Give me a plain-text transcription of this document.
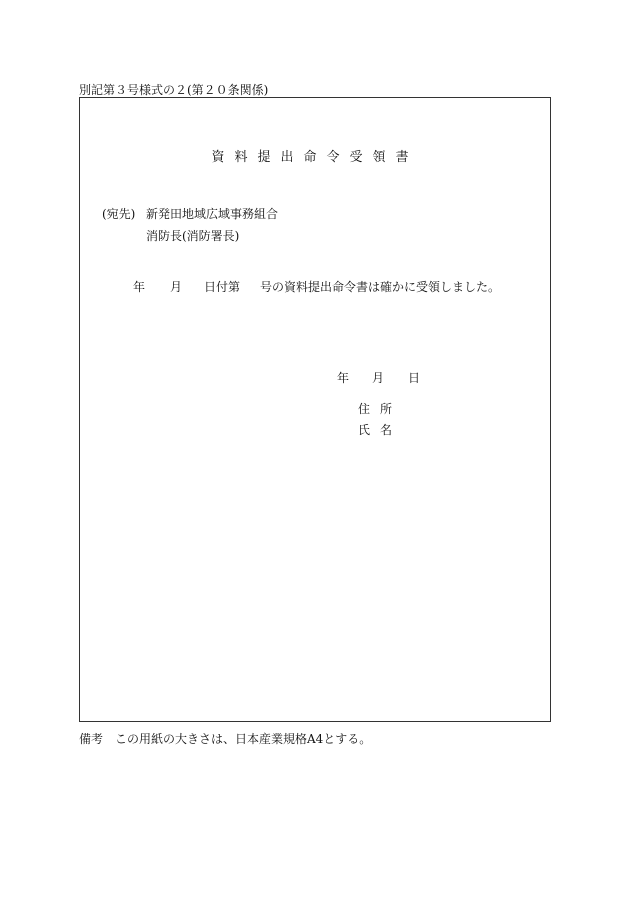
別記第３号様式の２(第２０条関係)
資料提出命令受領書
(宛先) 新発田地域広域事務組合
消防長(消防署長)
年 月 日付第 号の資料提出命令書は確かに受領しました。
年 月 日
住所
氏名
備考　この用紙の大きさは、日本産業規格A4とする。
